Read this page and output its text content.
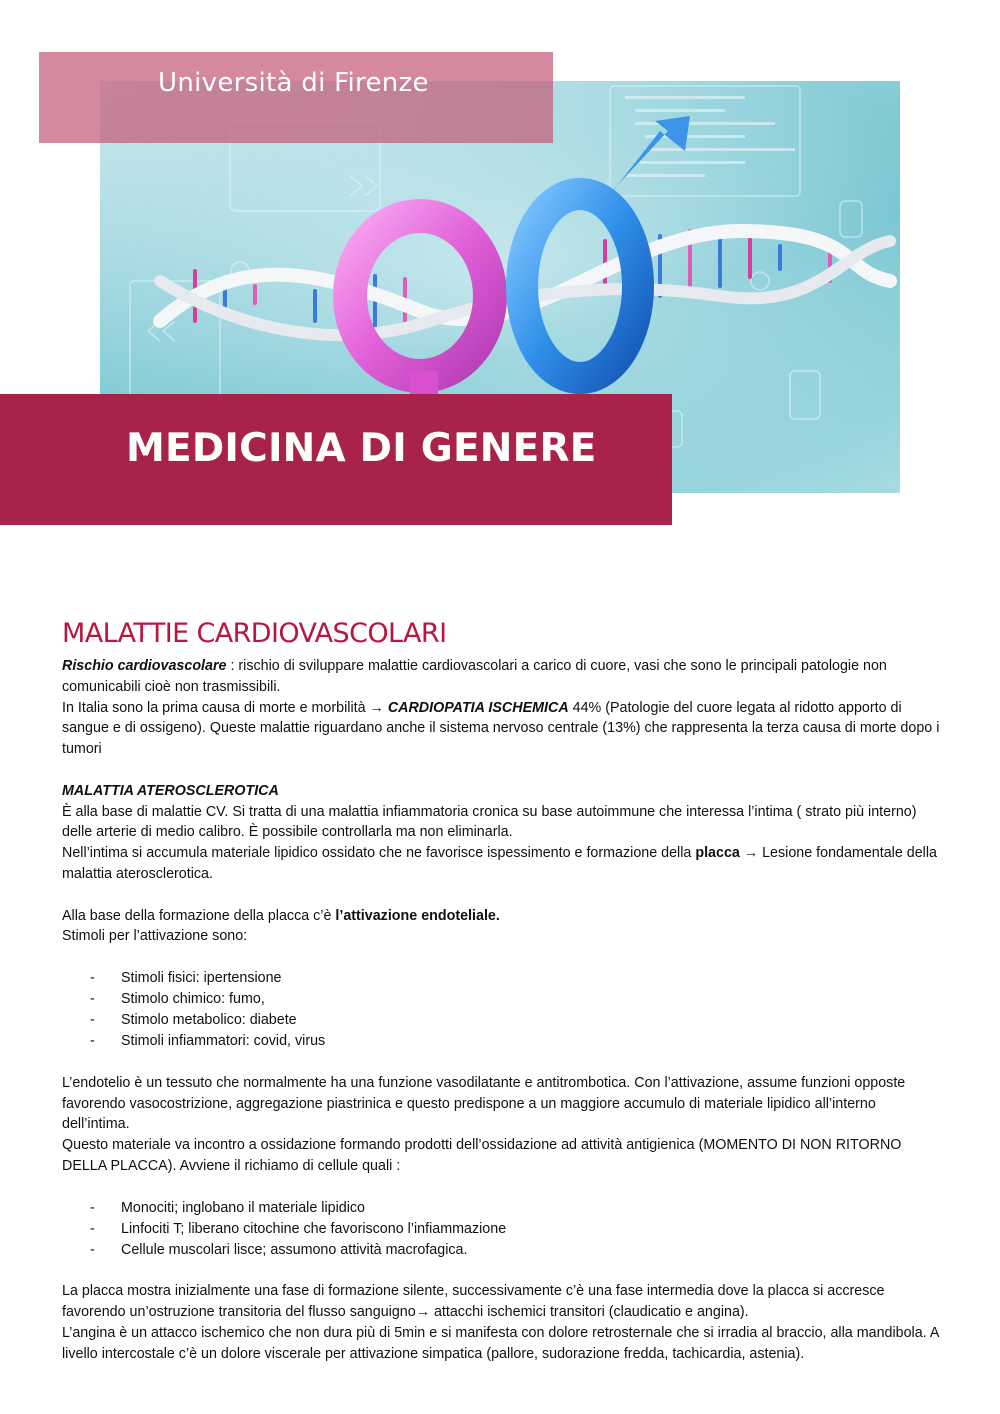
Università di Firenze
MEDICINA DI GENERE
MALATTIE CARDIOVASCOLARI

Rischio cardiovascolare : rischio di sviluppare malattie cardiovascolari a carico di cuore, vasi che sono le principali patologie non comunicabili cioè non trasmissibili.

In Italia sono la prima causa di morte e morbilità → CARDIOPATIA ISCHEMICA 44% (Patologie del cuore legata al ridotto apporto di sangue e di ossigeno). Queste malattie riguardano anche il sistema nervoso centrale (13%) che rappresenta la terza causa di morte dopo i tumori

MALATTIA ATEROSCLEROTICA

È alla base di malattie CV. Si tratta di una malattia infiammatoria cronica su base autoimmune che interessa l’intima ( strato più interno) delle arterie di medio calibro. È possibile controllarla ma non eliminarla.

Nell’intima si accumula materiale lipidico ossidato che ne favorisce ispessimento e formazione della placca → Lesione fondamentale della malattia aterosclerotica.

Alla base della formazione della placca c’è l’attivazione endoteliale.

Stimoli per l’attivazione sono:

- Stimoli fisici: ipertensione
- Stimolo chimico: fumo,
- Stimolo metabolico: diabete
- Stimoli infiammatori: covid, virus

L’endotelio è un tessuto che normalmente ha una funzione vasodilatante e antitrombotica. Con l’attivazione, assume funzioni opposte favorendo vasocostrizione, aggregazione piastrinica e questo predispone a un maggiore accumulo di materiale lipidico all’interno dell’intima.

Questo materiale va incontro a ossidazione formando prodotti dell’ossidazione ad attività antigienica (MOMENTO DI NON RITORNO DELLA PLACCA). Avviene il richiamo di cellule quali :

- Monociti; inglobano il materiale lipidico
- Linfociti T; liberano citochine che favoriscono l’infiammazione
- Cellule muscolari lisce; assumono attività macrofagica.

La placca mostra inizialmente una fase di formazione silente, successivamente c’è una fase intermedia dove la placca si accresce favorendo un’ostruzione transitoria del flusso sanguigno→ attacchi ischemici transitori (claudicatio e angina).

L’angina è un attacco ischemico che non dura più di 5min e si manifesta con dolore retrosternale che si irradia al braccio, alla mandibola. A livello intercostale c’è un dolore viscerale per attivazione simpatica (pallore, sudorazione fredda, tachicardia, astenia).
